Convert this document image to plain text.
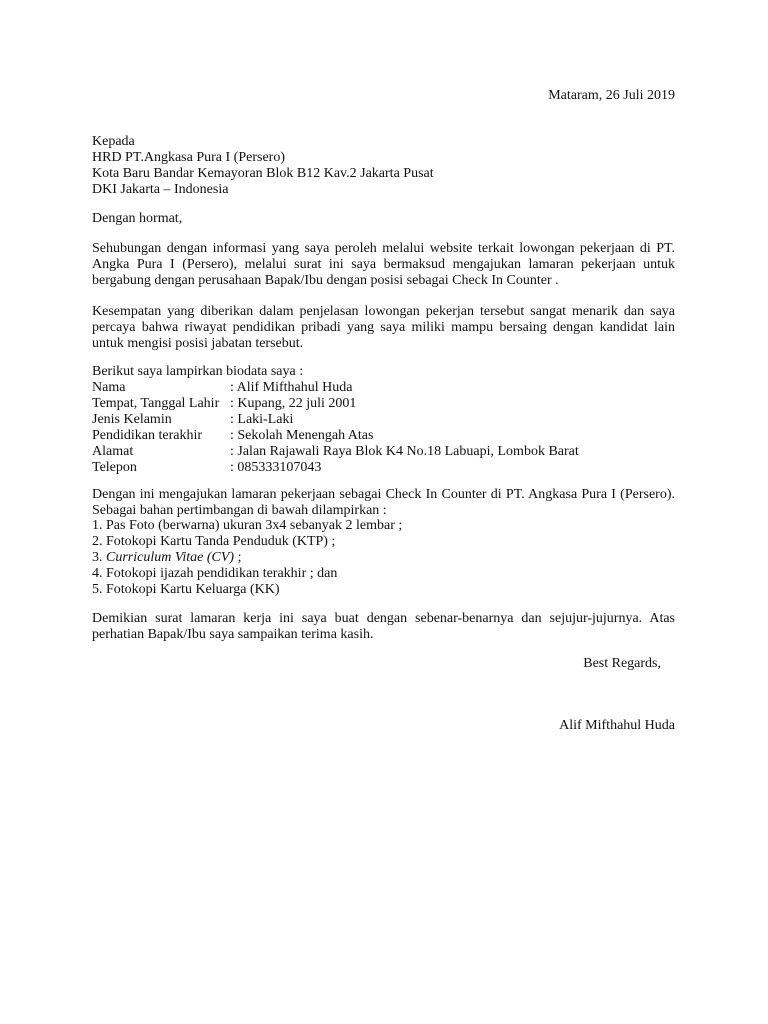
Mataram, 26 Juli 2019
Kepada
HRD PT.Angkasa Pura I (Persero)
Kota Baru Bandar Kemayoran Blok B12 Kav.2 Jakarta Pusat
DKI Jakarta – Indonesia
Dengan hormat,
Sehubungan dengan informasi yang saya peroleh melalui website terkait lowongan pekerjaan di PT. Angka Pura I (Persero), melalui surat ini saya bermaksud mengajukan lamaran pekerjaan untuk bergabung dengan perusahaan Bapak/Ibu dengan posisi sebagai Check In Counter .
Kesempatan yang diberikan dalam penjelasan lowongan pekerjan tersebut sangat menarik dan saya percaya bahwa riwayat pendidikan pribadi yang saya miliki mampu bersaing dengan kandidat lain untuk mengisi posisi jabatan tersebut.
Berikut saya lampirkan biodata saya :
Nama	: Alif Mifthahul Huda
Tempat, Tanggal Lahir : Kupang, 22 juli 2001
Jenis Kelamin	: Laki-Laki
Pendidikan terakhir	: Sekolah Menengah Atas
Alamat	: Jalan Rajawali Raya Blok K4 No.18 Labuapi, Lombok Barat
Telepon	: 085333107043
Dengan ini mengajukan lamaran pekerjaan sebagai Check In Counter di PT. Angkasa Pura I (Persero). Sebagai bahan pertimbangan di bawah dilampirkan :
1. Pas Foto (berwarna) ukuran 3x4 sebanyak 2 lembar ;
2. Fotokopi Kartu Tanda Penduduk (KTP) ;
3. Curriculum Vitae (CV) ;
4. Fotokopi ijazah pendidikan terakhir ; dan
5. Fotokopi Kartu Keluarga (KK)
Demikian surat lamaran kerja ini saya buat dengan sebenar-benarnya dan sejujur-jujurnya. Atas perhatian Bapak/Ibu saya sampaikan terima kasih.
Best Regards,
Alif Mifthahul Huda
